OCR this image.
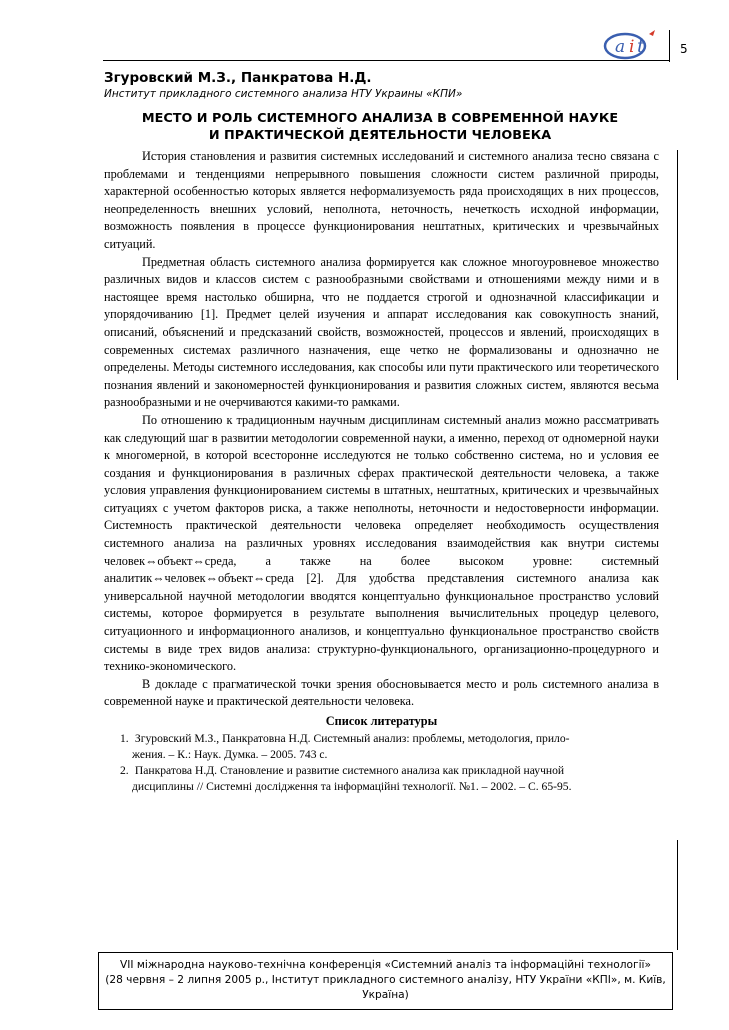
a i t	5
Згуровский М.З., Панкратова Н.Д.
Институт прикладного системного анализа НТУ Украины «КПИ»
МЕСТО И РОЛЬ СИСТЕМНОГО АНАЛИЗА В СОВРЕМЕННОЙ НАУКЕ
И ПРАКТИЧЕСКОЙ ДЕЯТЕЛЬНОСТИ ЧЕЛОВЕКА

История становления и развития системных исследований и системного анализа тесно связана с проблемами и тенденциями непрерывного повышения сложности систем различной природы, характерной особенностью которых является неформализуемость ряда происходящих в них процессов, неопределенность внешних условий, неполнота, неточность, нечеткость исходной информации, возможность появления в процессе функционирования нештатных, критических и чрезвычайных ситуаций.

Предметная область системного анализа формируется как сложное многоуровневое множество различных видов и классов систем с разнообразными свойствами и отношениями между ними и в настоящее время настолько обширна, что не поддается строгой и однозначной классификации и упорядочиванию [1]. Предмет целей изучения и аппарат исследования как совокупность знаний, описаний, объяснений и предсказаний свойств, возможностей, процессов и явлений, происходящих в современных системах различного назначения, еще четко не формализованы и однозначно не определены. Методы системного исследования, как способы или пути практического или теоретического познания явлений и закономерностей функционирования и развития сложных систем, являются весьма разнообразными и не очерчиваются какими-то рамками.

По отношению к традиционным научным дисциплинам системный анализ можно рассматривать как следующий шаг в развитии методологии современной науки, а именно, переход от одномерной науки к многомерной, в которой всесторонне исследуются не только собственно система, но и условия ее создания и функционирования в различных сферах практической деятельности человека, а также условия управления функционированием системы в штатных, нештатных, критических и чрезвычайных ситуациях с учетом факторов риска, а также неполноты, неточности и недостоверности информации. Системность практической деятельности человека определяет необходимость осуществления системного анализа на различных уровнях исследования взаимодействия как внутри системы человек⇔объект⇔среда, а также на более высоком уровне: системный аналитик⇔человек⇔объект⇔среда [2]. Для удобства представления системного анализа как универсальной научной методологии вводятся концептуально функциональное пространство условий системы, которое формируется в результате выполнения вычислительных процедур целевого, ситуационного и информационного анализов, и концептуально функциональное пространство свойств системы в виде трех видов анализа: структурно-функционального, организационно-процедурного и технико-экономического.

В докладе с прагматической точки зрения обосновывается место и роль системного анализа в современной науке и практической деятельности человека.

Список литературы

1. Згуровский М.З., Панкратовна Н.Д. Системный анализ: проблемы, методология, прило-
жения. – К.: Наук. Думка. – 2005. 743 с.
2. Панкратова Н.Д. Становление и развитие системного анализа как прикладной научной
дисциплины // Системні дослідження та інформаційні технології. №1. – 2002. – С. 65-95.
VII міжнародна науково-технічна конференція «Системний аналіз та інформаційні технології»
(28 червня – 2 липня 2005 р., Інститут прикладного системного аналізу, НТУ України «КПІ», м. Київ, Україна)
